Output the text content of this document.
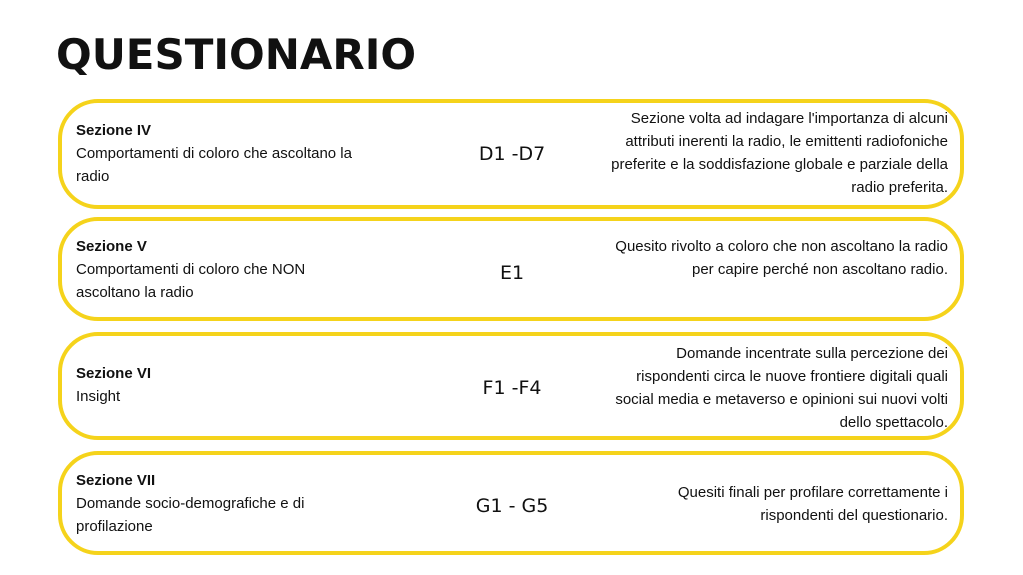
QUESTIONARIO
Sezione IV
Comportamenti di coloro che ascoltano la radio
D1 -D7
Sezione volta ad indagare l'importanza di alcuni attributi inerenti la radio, le emittenti radiofoniche preferite e la soddisfazione globale e parziale della radio preferita.
Sezione V
Comportamenti di coloro che NON ascoltano la radio
E1
Quesito rivolto a coloro che non ascoltano la radio per capire perché non ascoltano radio.
Sezione VI
Insight	F1 -F4
Domande incentrate sulla percezione dei rispondenti circa le nuove frontiere digitali quali social media e metaverso e opinioni sui nuovi volti dello spettacolo.
Sezione VII
Domande socio-demografiche e di profilazione
G1 - G5
Quesiti finali per profilare correttamente i rispondenti del questionario.
